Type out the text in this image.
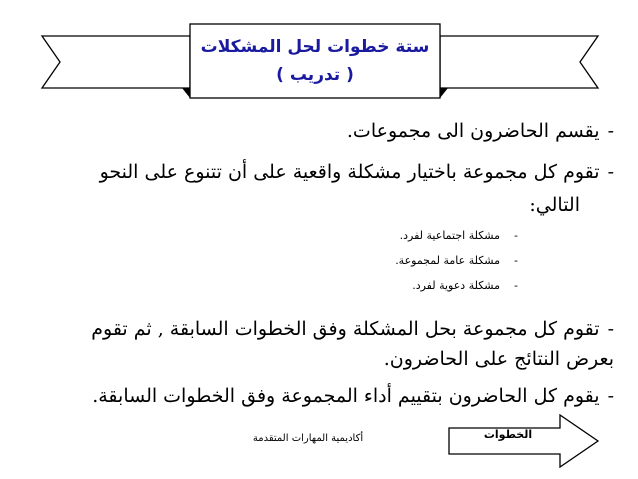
ستة خطوات لحل المشكلات
( تدريب )
-يقسم الحاضرون الى مجموعات.
-تقوم كل مجموعة باختيار مشكلة واقعية على أن تتنوع على النحو
التالي:
-مشكلة اجتماعية لفرد.
-مشكلة عامة لمجموعة.
-مشكلة دعوية لفرد.
-تقوم كل مجموعة بحل المشكلة وفق الخطوات السابقة , ثم تقوم
بعرض النتائج على الحاضرون.
-يقوم كل الحاضرون بتقييم أداء المجموعة وفق الخطوات السابقة.
أكاديمية المهارات المتقدمة	الخطوات
